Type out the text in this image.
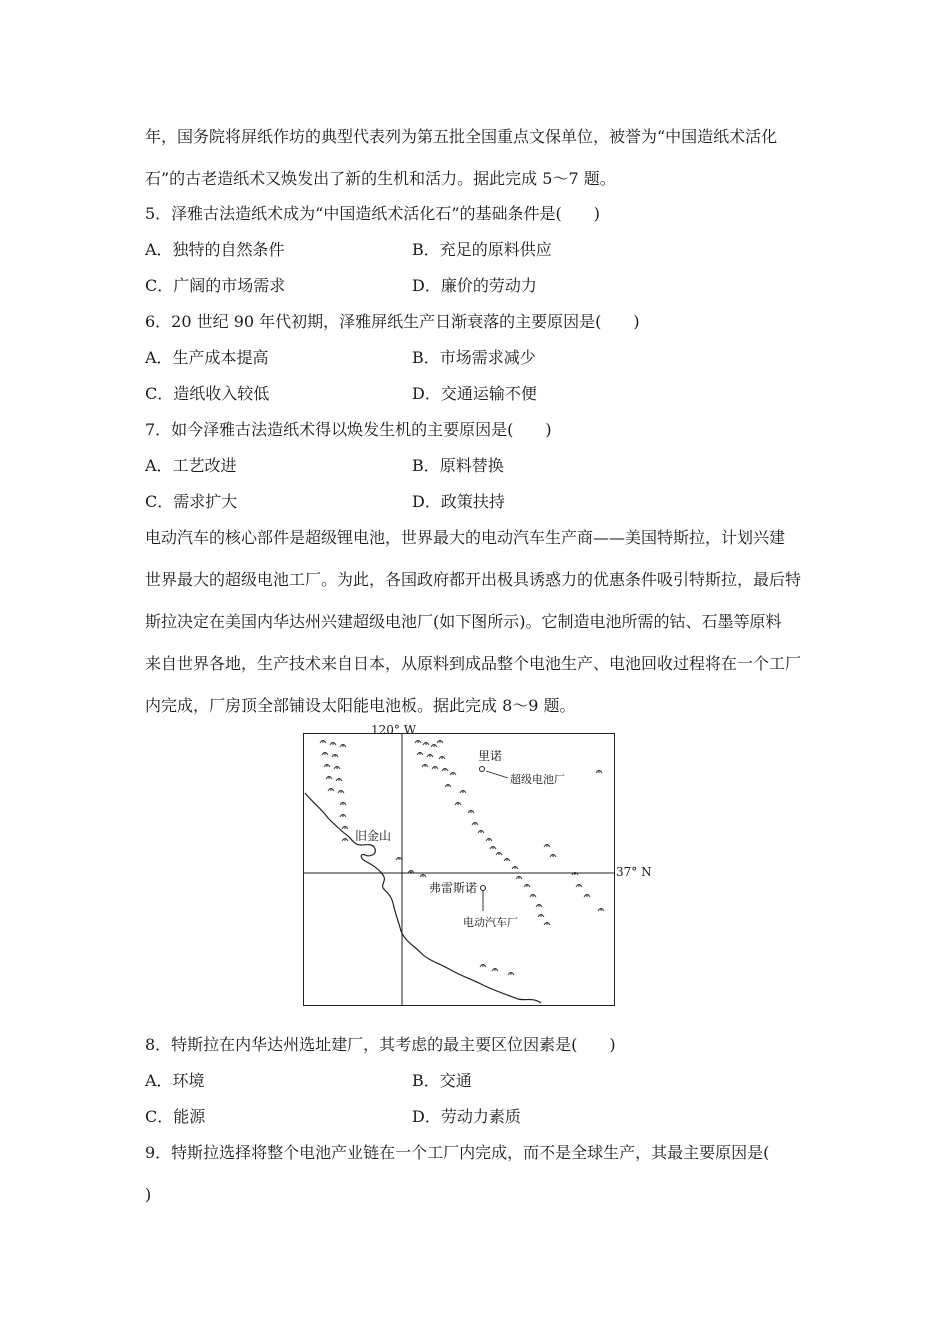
年，国务院将屏纸作坊的典型代表列为第五批全国重点文保单位，被誉为“中国造纸术活化
石”的古老造纸术又焕发出了新的生机和活力。据此完成 5～7 题。
5．泽雅古法造纸术成为“中国造纸术活化石”的基础条件是(　　)
A．独特的自然条件	B．充足的原料供应
C．广阔的市场需求	D．廉价的劳动力
6．20 世纪 90 年代初期，泽雅屏纸生产日渐衰落的主要原因是(　　)
A．生产成本提高	B．市场需求减少
C．造纸收入较低	D．交通运输不便
7．如今泽雅古法造纸术得以焕发生机的主要原因是(　　)
A．工艺改进	B．原料替换
C．需求扩大	D．政策扶持
电动汽车的核心部件是超级锂电池，世界最大的电动汽车生产商——美国特斯拉，计划兴建
世界最大的超级电池工厂。为此，各国政府都开出极具诱惑力的优惠条件吸引特斯拉，最后特
斯拉决定在美国内华达州兴建超级电池厂(如下图所示)。它制造电池所需的钴、石墨等原料
来自世界各地，生产技术来自日本，从原料到成品整个电池生产、电池回收过程将在一个工厂
内完成，厂房顶全部铺设太阳能电池板。据此完成 8～9 题。
里诺
超级电池厂
旧金山
弗雷斯诺
电动汽车厂
120° W
37° N
8．特斯拉在内华达州选址建厂，其考虑的最主要区位因素是(　　)
A．环境	B．交通
C．能源	D．劳动力素质
9．特斯拉选择将整个电池产业链在一个工厂内完成，而不是全球生产，其最主要原因是(
)
